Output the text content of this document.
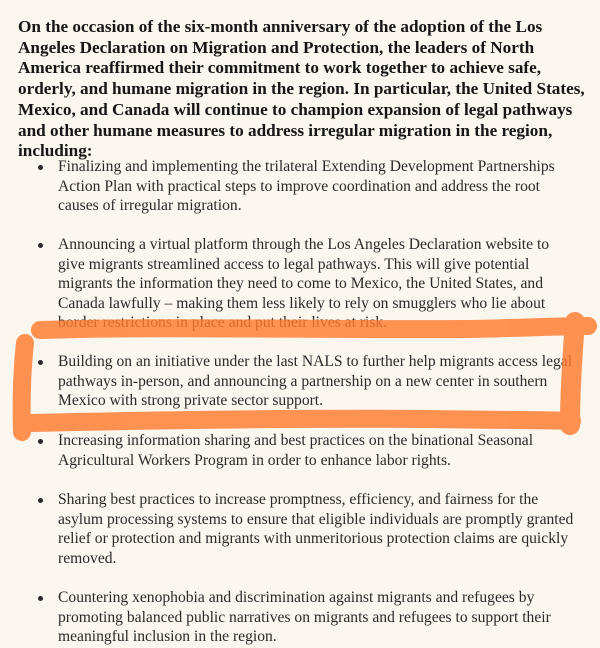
On the occasion of the six-month anniversary of the adoption of the Los Angeles Declaration on Migration and Protection, the leaders of North America reaffirmed their commitment to work together to achieve safe, orderly, and humane migration in the region. In particular, the United States, Mexico, and Canada will continue to champion expansion of legal pathways and other humane measures to address irregular migration in the region, including:

Finalizing and implementing the trilateral Extending Development Partnerships Action Plan with practical steps to improve coordination and address the root causes of irregular migration.
Announcing a virtual platform through the Los Angeles Declaration website to give migrants streamlined access to legal pathways. This will give potential migrants the information they need to come to Mexico, the United States, and Canada lawfully – making them less likely to rely on smugglers who lie about border restrictions in place and put their lives at risk.
Building on an initiative under the last NALS to further help migrants access legal pathways in-person, and announcing a partnership on a new center in southern Mexico with strong private sector support.
Increasing information sharing and best practices on the binational Seasonal Agricultural Workers Program in order to enhance labor rights.
Sharing best practices to increase promptness, efficiency, and fairness for the asylum processing systems to ensure that eligible individuals are promptly granted relief or protection and migrants with unmeritorious protection claims are quickly removed.
Countering xenophobia and discrimination against migrants and refugees by promoting balanced public narratives on migrants and refugees to support their meaningful inclusion in the region.
